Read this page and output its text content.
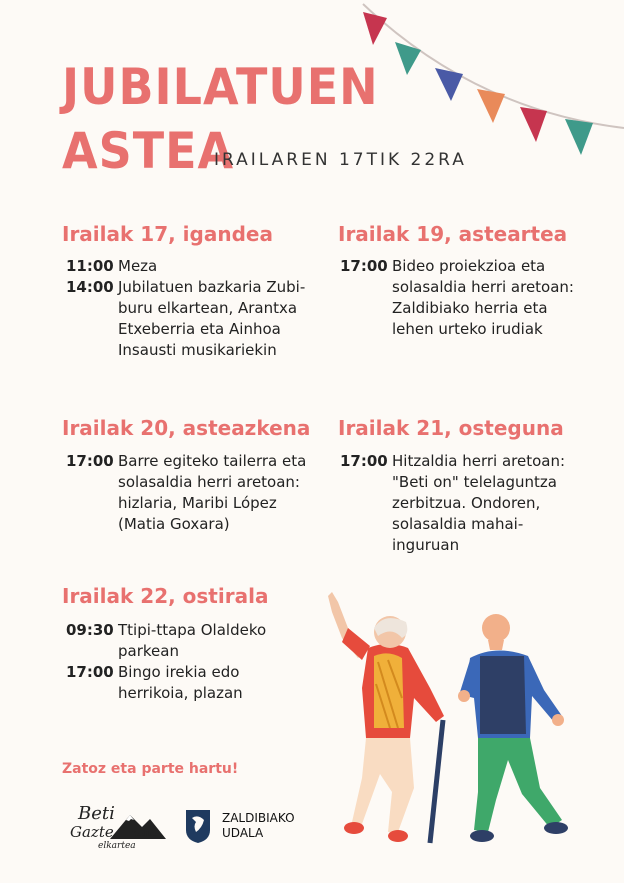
JUBILATUEN
ASTEA
IRAILAREN 17TIK 22RA
Irailak 17, igandea
11:00 Meza
14:00 Jubilatuen bazkaria Zubi-
buru elkartean, Arantxa
Etxeberria eta Ainhoa
Insausti musikariekin
Irailak 19, asteartea
17:00 Bideo proiekzioa eta
solasaldia herri aretoan:
Zaldibiako herria eta
lehen urteko irudiak
Irailak 20, asteazkena
17:00 Barre egiteko tailerra eta
solasaldia herri aretoan:
hizlaria, Maribi López
(Matia Goxara)
Irailak 21, osteguna
17:00 Hitzaldia herri aretoan:
"Beti on" telelaguntza
zerbitzua. Ondoren,
solasaldia mahai-
inguruan
Irailak 22, ostirala
09:30 Ttipi-ttapa Olaldeko
parkean
17:00 Bingo irekia edo
herrikoia, plazan
Zatoz eta parte hartu!
Beti
Gazte
elkartea
Zaldibia
ZALDIBIAKO
UDALA
